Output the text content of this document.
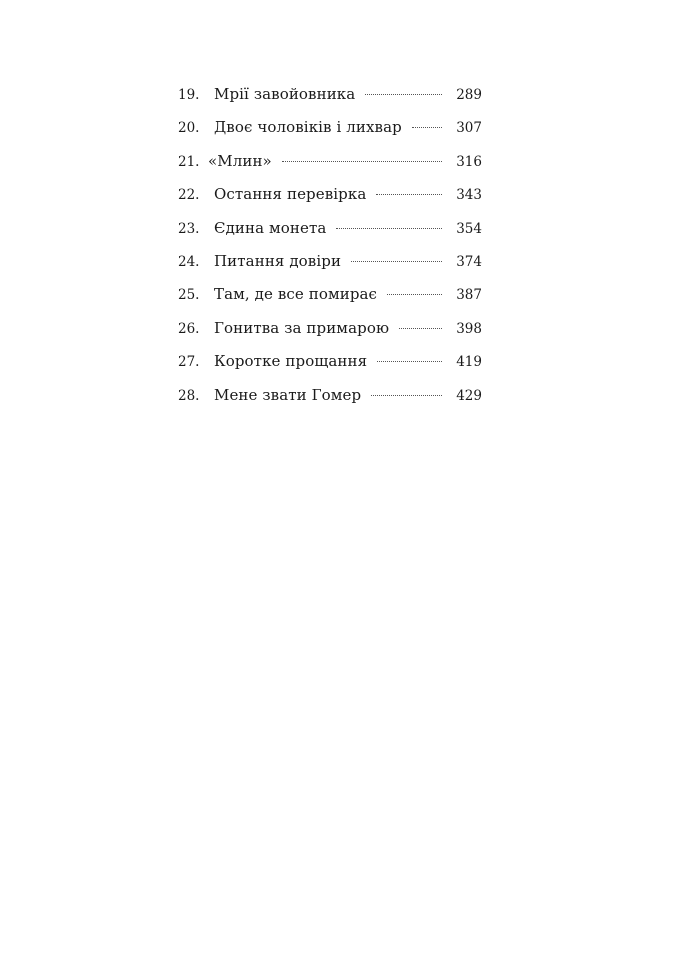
19. Мрії завойовника	289
20. Двоє чоловіків і лихвар	307
21. «Млин»	316
22. Остання перевірка	343
23. Єдина монета	354
24. Питання довіри	374
25. Там, де все помирає	387
26. Гонитва за примарою	398
27. Коротке прощання	419
28. Мене звати Гомер	429
